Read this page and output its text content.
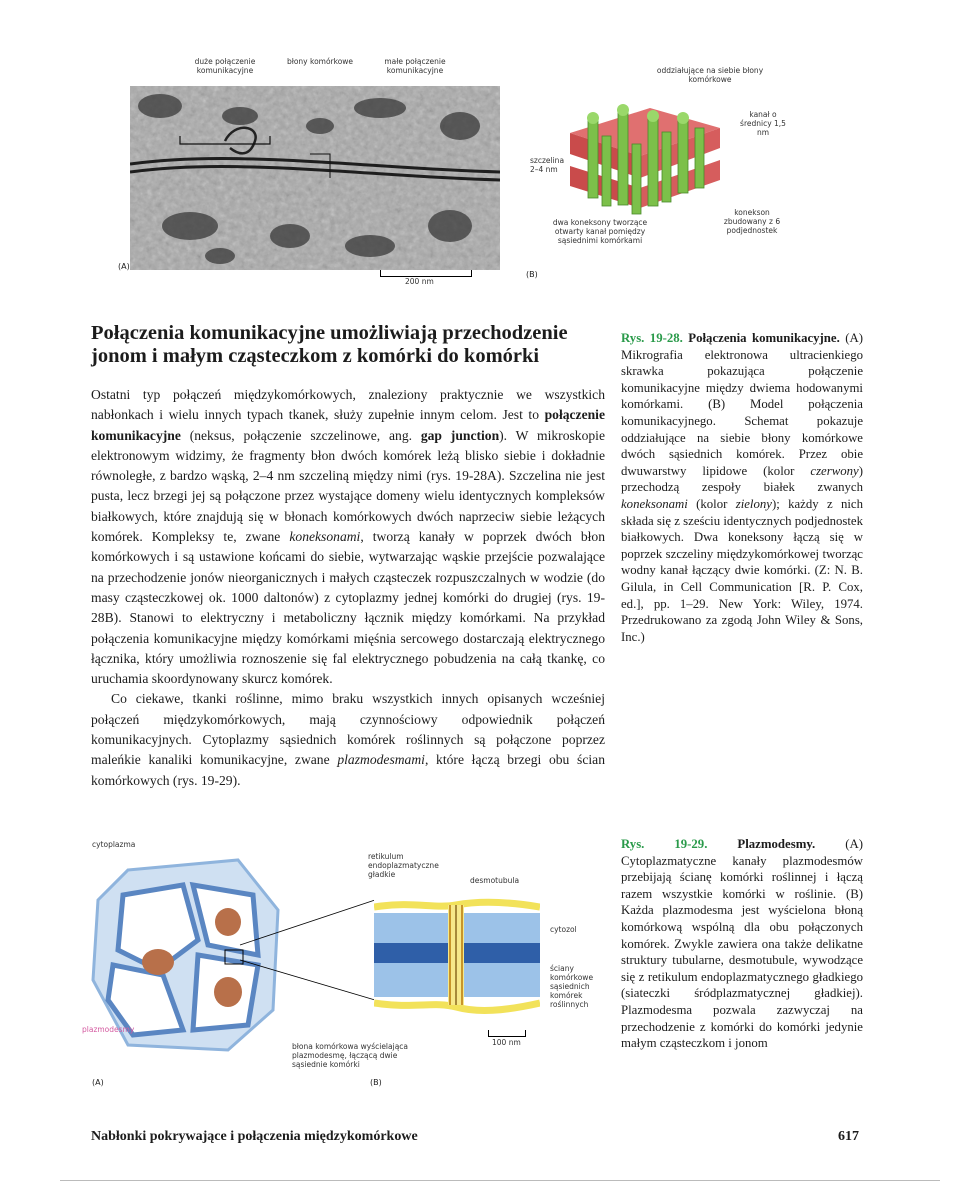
duże połączenie komunikacyjne
błony komórkowe	małe połączenie komunikacyjne
(A)
200 nm
(B)
oddziałujące na siebie błony komórkowe
kanał o średnicy 1,5 nm
szczelina 2–4 nm
dwa koneksony tworzące otwarty kanał pomiędzy sąsiednimi komórkami
konekson zbudowany z 6 podjednostek
Połączenia komunikacyjne umożliwiają przechodzenie jonom i małym cząsteczkom z komórki do komórki

Ostatni typ połączeń międzykomórkowych, znaleziony praktycznie we wszystkich nabłonkach i wielu innych typach tkanek, służy zupełnie innym celom. Jest to połączenie komunikacyjne (neksus, połączenie szczelinowe, ang. gap junction). W mikroskopie elektronowym widzimy, że fragmenty błon dwóch komórek leżą blisko siebie i dokładnie równoległe, z bardzo wąską, 2–4 nm szczeliną między nimi (rys. 19-28A). Szczelina nie jest pusta, lecz brzegi jej są połączone przez wystające domeny wielu identycznych kompleksów białkowych, które znajdują się w błonach komórkowych dwóch naprzeciw siebie leżących komórek. Kompleksy te, zwane koneksonami, tworzą kanały w poprzek dwóch błon komórkowych i są ustawione końcami do siebie, wytwarzając wąskie przejście pozwalające na przechodzenie jonów nieorganicznych i małych cząsteczek rozpuszczalnych w wodzie (do masy cząsteczkowej ok. 1000 daltonów) z cytoplazmy jednej komórki do drugiej (rys. 19-28B). Stanowi to elektryczny i metaboliczny łącznik między komórkami. Na przykład połączenia komunikacyjne między komórkami mięśnia sercowego dostarczają elektrycznego łącznika, który umożliwia roznoszenie się fal elektrycznego pobudzenia na całą tkankę, co uruchamia skoordynowany skurcz komórek.

Co ciekawe, tkanki roślinne, mimo braku wszystkich innych opisanych wcześniej połączeń międzykomórkowych, mają czynnościowy odpowiednik połączeń komunikacyjnych. Cytoplazmy sąsiednich komórek roślinnych są połączone poprzez maleńkie kanaliki komunikacyjne, zwane plazmodesmami, które łączą brzegi obu ścian komórkowych (rys. 19-29).

Rys. 19-28. Połączenia komunikacyjne. (A) Mikrografia elektronowa ultracienkiego skrawka pokazująca połączenie komunikacyjne między dwiema hodowanymi komórkami. (B) Model połączenia komunikacyjnego. Schemat pokazuje oddziałujące na siebie błony komórkowe dwóch sąsiednich komórek. Przez obie dwuwarstwy lipidowe (kolor czerwony) przechodzą zespoły białek zwanych koneksonami (kolor zielony); każdy z nich składa się z sześciu identycznych podjednostek białkowych. Dwa koneksony łączą się w poprzek szczeliny międzykomórkowej tworząc wodny kanał łączący dwie komórki. (Z: N. B. Gilula, in Cell Communication [R. P. Cox, ed.], pp. 1–29. New York: Wiley, 1974. Przedrukowano za zgodą John Wiley & Sons, Inc.)
cytoplazma
plazmodesmy
retikulum endoplazmatyczne gładkie
desmotubula
cytozol
ściany komórkowe sąsiednich komórek roślinnych
100 nm
błona komórkowa wyścielająca plazmodesmę, łączącą dwie sąsiednie komórki
(A)	(B)
Rys. 19-29. Plazmodesmy. (A) Cytoplazmatyczne kanały plazmodesmów przebijają ścianę komórki roślinnej i łączą razem wszystkie komórki w roślinie. (B) Każda plazmodesma jest wyścielona błoną komórkową wspólną dla obu połączonych komórek. Zwykle zawiera ona także delikatne struktury tubularne, desmotubule, wywodzące się z retikulum endoplazmatycznego gładkiego (siateczki śródplazmatycznej gładkiej). Plazmodesma pozwala zazwyczaj na przechodzenie z komórki do komórki jedynie małym cząsteczkom i jonom
Nabłonki pokrywające i połączenia międzykomórkowe	617
